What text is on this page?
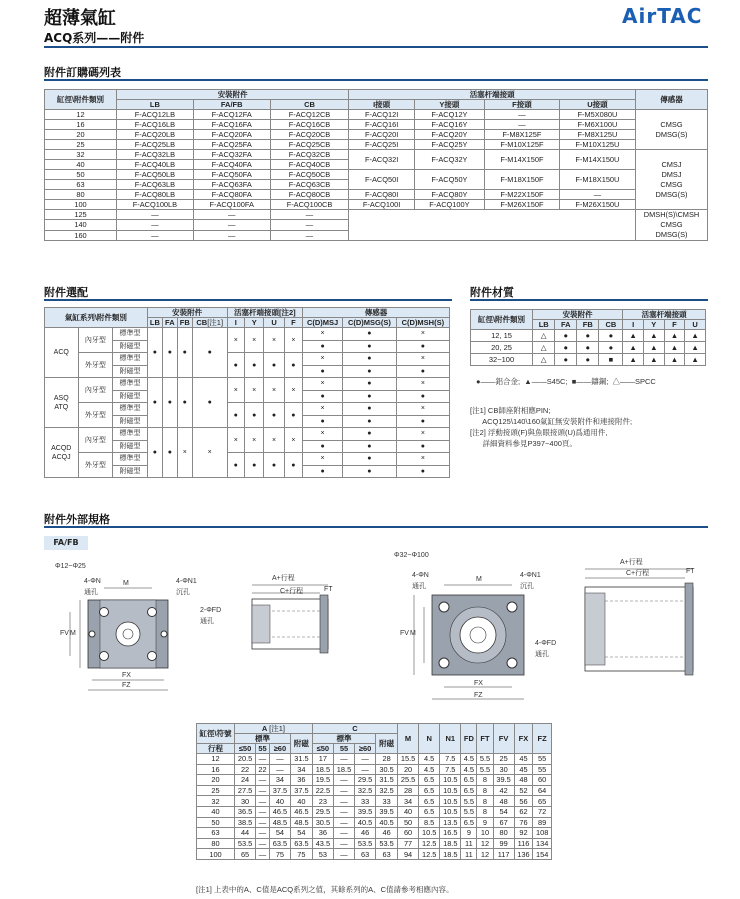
超薄氣缸
ACQ系列——附件
AirTAC
附件訂購碼列表
缸徑\附件類別	安裝附件			活塞杆端接頭				傳感器
	LB	FA/FB	CB	I接頭	Y接頭	F接頭	U接頭	
12	F-ACQ12LB	F-ACQ12FA	F-ACQ12CB	F-ACQ12I	F-ACQ12Y	—	F-M5X080U	CMSG
DMSG(S)
16	F-ACQ16LB	F-ACQ16FA	F-ACQ16CB	F-ACQ16I	F-ACQ16Y	—	F-M6X100U	
20	F-ACQ20LB	F-ACQ20FA	F-ACQ20CB	F-ACQ20I	F-ACQ20Y	F-M8X125F	F-M8X125U	
25	F-ACQ25LB	F-ACQ25FA	F-ACQ25CB	F-ACQ25I	F-ACQ25Y	F-M10X125F	F-M10X125U	
32	F-ACQ32LB	F-ACQ32FA	F-ACQ32CB	F-ACQ32I	F-ACQ32Y	F-M14X150F	F-M14X150U	CMSJ
DMSJ
CMSG
DMSG(S)
40	F-ACQ40LB	F-ACQ40FA	F-ACQ40CB					
50	F-ACQ50LB	F-ACQ50FA	F-ACQ50CB	F-ACQ50I	F-ACQ50Y	F-M18X150F	F-M18X150U	
63	F-ACQ63LB	F-ACQ63FA	F-ACQ63CB					
80	F-ACQ80LB	F-ACQ80FA	F-ACQ80CB	F-ACQ80I	F-ACQ80Y	F-M22X150F	—	
100	F-ACQ100LB	F-ACQ100FA	F-ACQ100CB	F-ACQ100I	F-ACQ100Y	F-M26X150F	F-M26X150U	
125	—	—	—					DMSH(S)\CMSH
CMSG
DMSG(S)
140	—	—	—					
160	—	—	—					
附件選配
氣缸系列\附件類別			安裝附件				活塞杆端接頭[注2]				傳感器		
			LB	FA	FB	CB[注1]	I	Y	U	F	C(D)MSJ	C(D)MSG(S)	C(D)MSH(S)
ACQ	內牙型	標準型	●	●	●	●	×	×	×	×	×	●	×
		附磁型									●	●	●
	外牙型	標準型					●	●	●	●	×	●	×
		附磁型									●	●	●
ASQ
ATQ	內牙型	標準型	●	●	●	●	×	×	×	×	×	●	×
		附磁型									●	●	●
	外牙型	標準型					●	●	●	●	×	●	×
		附磁型									●	●	●
ACQD
ACQJ	內牙型	標準型	●	●	×	×	×	×	×	×	×	●	×
		附磁型									●	●	●
	外牙型	標準型					●	●	●	●	×	●	×
		附磁型									●	●	●
附件材質
缸徑\附件類別	安裝附件				活塞杆端接頭			
	LB	FA	FB	CB	I	Y	F	U
12, 15	△	●	●	●	▲	▲	▲	▲
20, 25	△	●	●	●	▲	▲	▲	▲
32~100	△	●	●	■	▲	▲	▲	▲
●——鋁合金;  ▲——S45C;  ■——鑄鋼;  △——SPCC
[注1] CB師座附相應PIN;
ACQ125\140\160氣缸無安裝附件和連接附件;
[注2] 浮動接頭(F)與魚眼接頭(U)爲通用件,
詳細資料參見P397~400頁。
附件外部規格
FA/FB
Φ12~Φ25
Φ32~Φ100
4-ΦN
通孔
4-ΦN1
沉孔
M
2-ΦFD
通孔
FV M
FX
FZ
A+行程
C+行程	FT
4-ΦN
通孔
M
4-ΦN1
沉孔
4-ΦFD
通孔
FV M
FX
FZ
A+行程
C+行程	FT
缸徑\符號	A [注1]				C				M	N	N1	FD	FT	FV	FX	FZ
	標準			附磁	標準			附磁								
行程	≤50	55	≥60		≤50	55	≥60									
12	20.5	—	—	31.5	17	—	—	28	15.5	4.5	7.5	4.5	5.5	25	45	55
16	22	22	—	34	18.5	18.5	—	30.5	20	4.5	7.5	4.5	5.5	30	45	55
20	24	—	34	36	19.5	—	29.5	31.5	25.5	6.5	10.5	6.5	8	39.5	48	60
25	27.5	—	37.5	37.5	22.5	—	32.5	32.5	28	6.5	10.5	6.5	8	42	52	64
32	30	—	40	40	23	—	33	33	34	6.5	10.5	5.5	8	48	56	65
40	36.5	—	46.5	46.5	29.5	—	39.5	39.5	40	6.5	10.5	5.5	8	54	62	72
50	38.5	—	48.5	48.5	30.5	—	40.5	40.5	50	8.5	13.5	6.5	9	67	76	89
63	44	—	54	54	36	—	46	46	60	10.5	16.5	9	10	80	92	108
80	53.5	—	63.5	63.5	43.5	—	53.5	53.5	77	12.5	18.5	11	12	99	116	134
100	65	—	75	75	53	—	63	63	94	12.5	18.5	11	12	117	136	154
[注1] 上表中的A、C值是ACQ系列之值，其餘系列的A、C值請參考相應內容。
